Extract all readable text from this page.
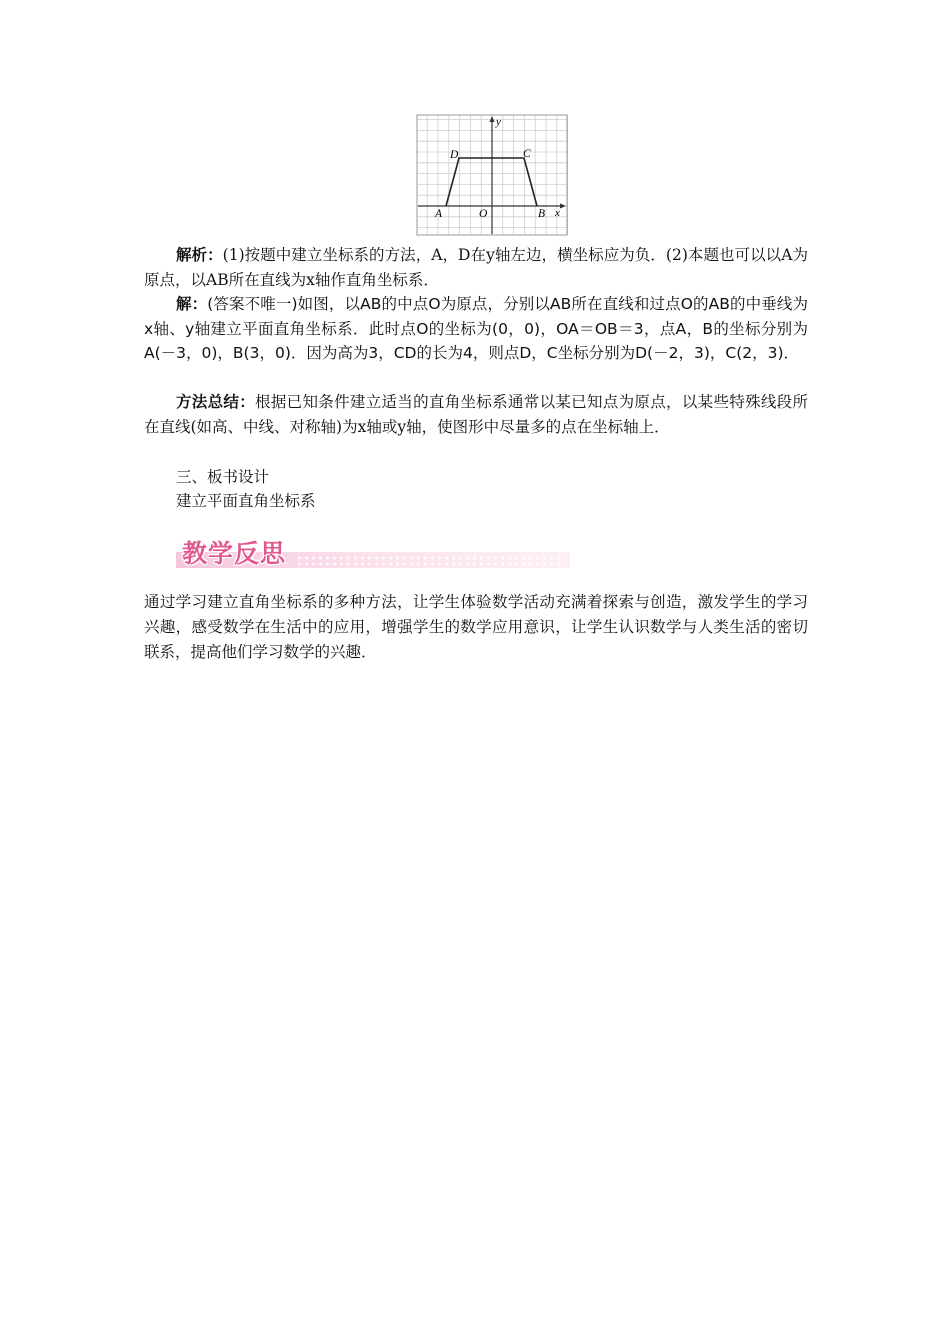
y
x
D	C
A	O	B

解析：(1)按题中建立坐标系的方法，A，D在y轴左边，横坐标应为负．(2)本题也可以以A为原点，以AB所在直线为x轴作直角坐标系．

解：(答案不唯一)如图，以AB的中点O为原点，分别以AB所在直线和过点O的AB的中垂线为x轴、y轴建立平面直角坐标系．此时点O的坐标为(0，0)，OA＝OB＝3，点A，B的坐标分别为A(－3，0)，B(3，0)．因为高为3，CD的长为4，则点D，C坐标分别为D(－2，3)，C(2，3)．

方法总结：根据已知条件建立适当的直角坐标系通常以某已知点为原点，以某些特殊线段所在直线(如高、中线、对称轴)为x轴或y轴，使图形中尽量多的点在坐标轴上．

三、板书设计
建立平面直角坐标系
教学反思

通过学习建立直角坐标系的多种方法，让学生体验数学活动充满着探索与创造，激发学生的学习兴趣，感受数学在生活中的应用，增强学生的数学应用意识，让学生认识数学与人类生活的密切联系，提高他们学习数学的兴趣．
